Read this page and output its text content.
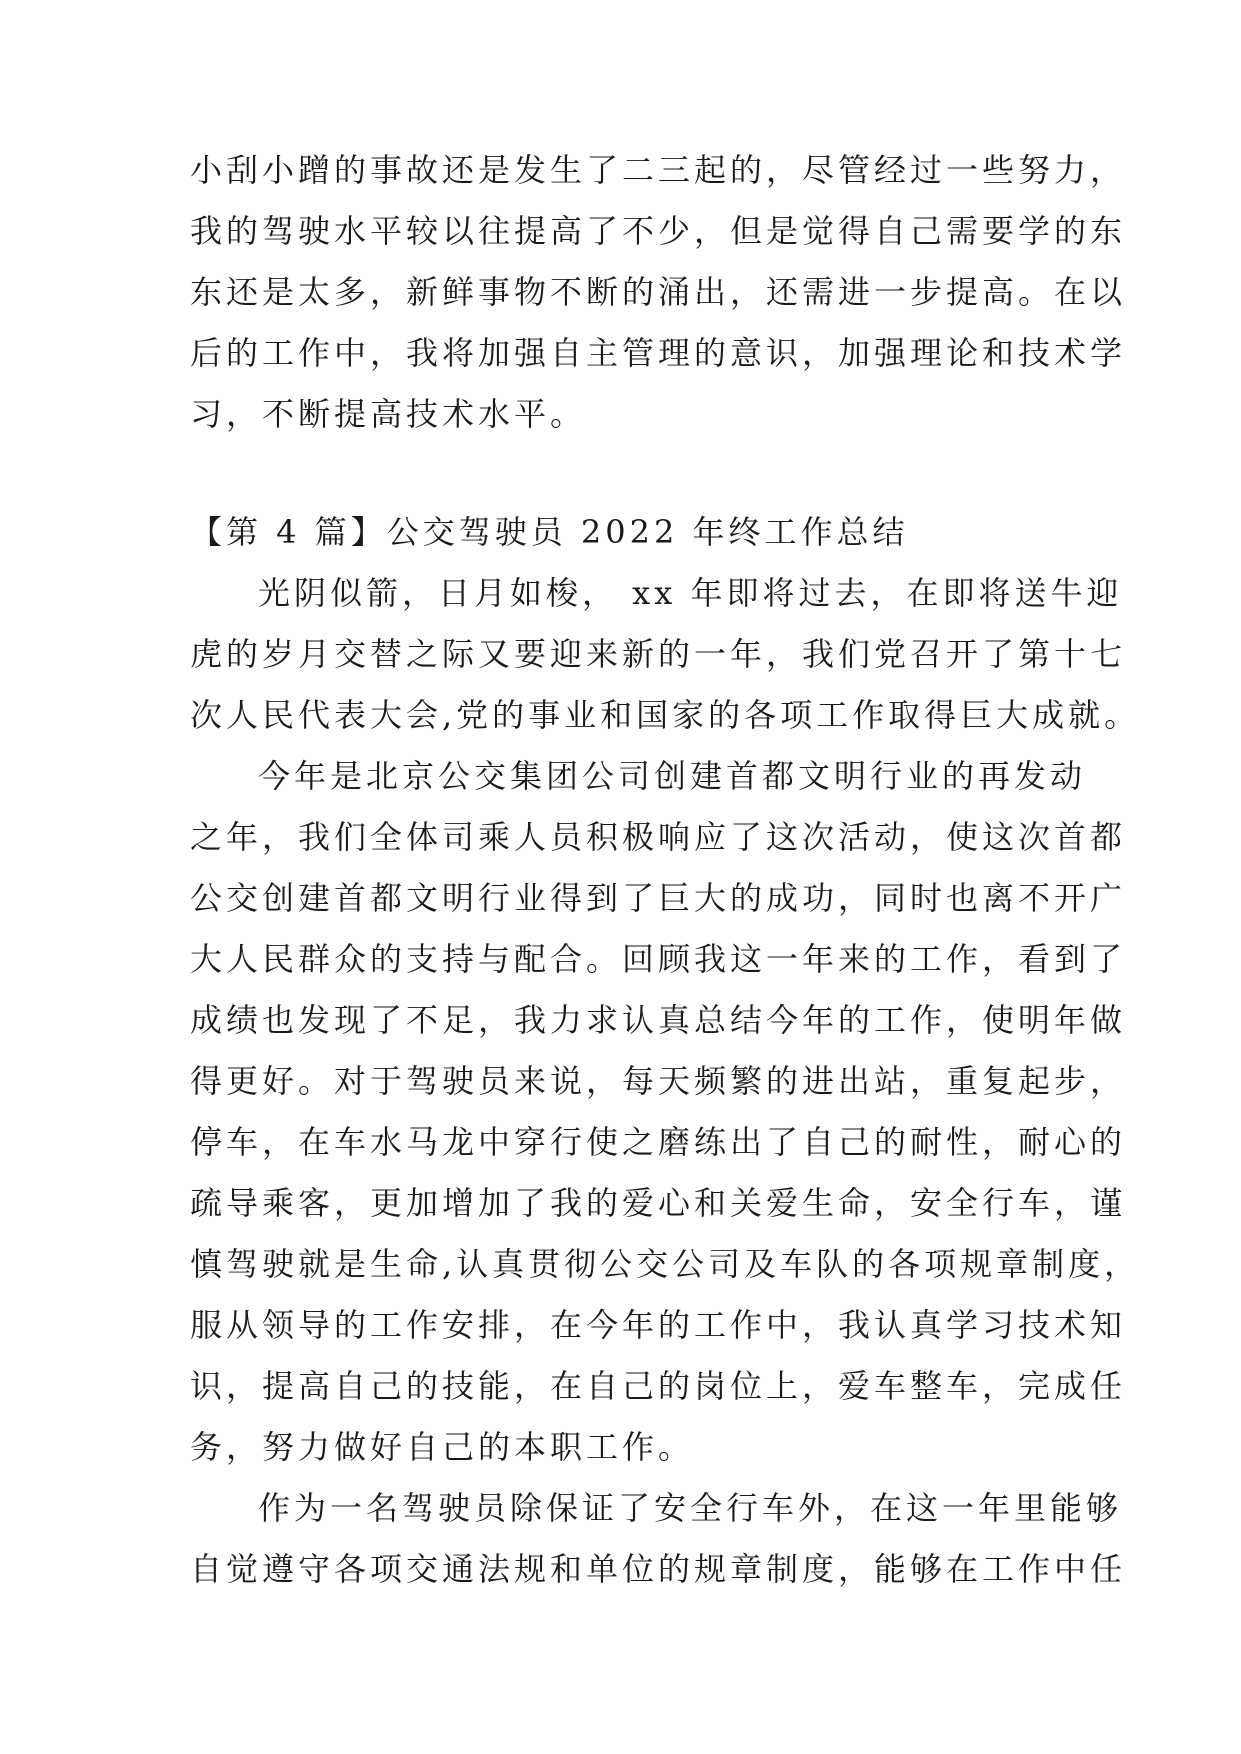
小刮小蹭的事故还是发生了二三起的，尽管经过一些努力，
我的驾驶水平较以往提高了不少，但是觉得自己需要学的东
东还是太多，新鲜事物不断的涌出，还需进一步提高。在以
后的工作中，我将加强自主管理的意识，加强理论和技术学
习，不断提高技术水平。
【第 4 篇】公交驾驶员 2022 年终工作总结
光阴似箭，日月如梭， xx 年即将过去，在即将送牛迎
虎的岁月交替之际又要迎来新的一年，我们党召开了第十七
次人民代表大会,党的事业和国家的各项工作取得巨大成就。
今年是北京公交集团公司创建首都文明行业的再发动
之年，我们全体司乘人员积极响应了这次活动，使这次首都
公交创建首都文明行业得到了巨大的成功，同时也离不开广
大人民群众的支持与配合。回顾我这一年来的工作，看到了
成绩也发现了不足，我力求认真总结今年的工作，使明年做
得更好。对于驾驶员来说，每天频繁的进出站，重复起步，
停车，在车水马龙中穿行使之磨练出了自己的耐性，耐心的
疏导乘客，更加增加了我的爱心和关爱生命，安全行车，谨
慎驾驶就是生命,认真贯彻公交公司及车队的各项规章制度，
服从领导的工作安排，在今年的工作中，我认真学习技术知
识，提高自己的技能，在自己的岗位上，爱车整车，完成任
务，努力做好自己的本职工作。
作为一名驾驶员除保证了安全行车外，在这一年里能够
自觉遵守各项交通法规和单位的规章制度，能够在工作中任
